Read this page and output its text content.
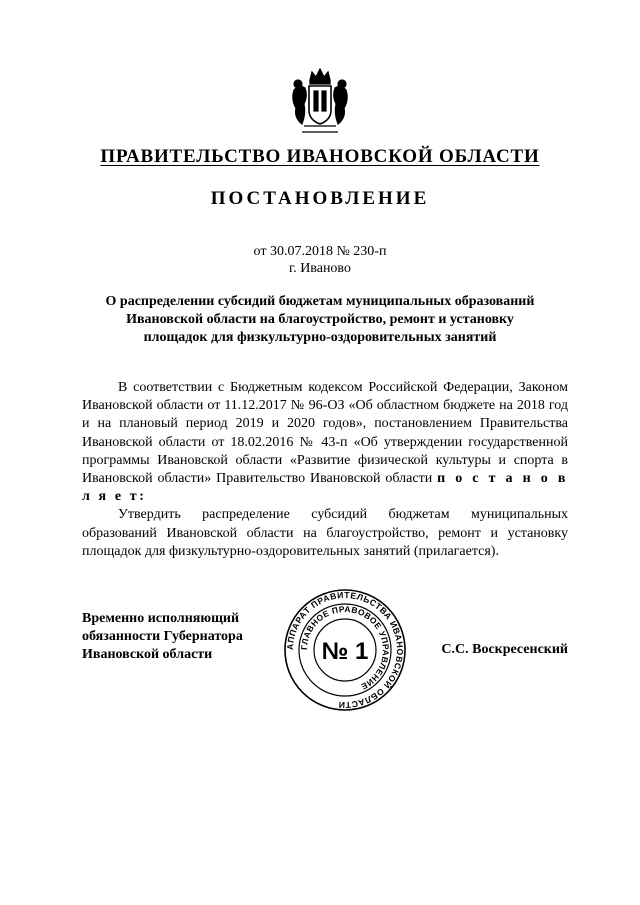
ПРАВИТЕЛЬСТВО ИВАНОВСКОЙ ОБЛАСТИ
ПОСТАНОВЛЕНИЕ
от 30.07.2018 № 230-п
г. Иваново
О распределении субсидий бюджетам муниципальных образований
Ивановской области на благоустройство, ремонт и установку
площадок для физкультурно-оздоровительных занятий

В соответствии с Бюджетным кодексом Российской Федерации, Законом Ивановской области от 11.12.2017 № 96-ОЗ «Об областном бюджете на 2018 год и на плановый период 2019 и 2020 годов», постановлением Правительства Ивановской области от 18.02.2016 № 43-п «Об утверждении государственной программы Ивановской области «Развитие физической культуры и спорта в Ивановской области» Правительство Ивановской области п о с т а н о в л я е т:

Утвердить распределение субсидий бюджетам муниципальных образований Ивановской области на благоустройство, ремонт и установку площадок для физкультурно-оздоровительных занятий (прилагается).

Временно исполняющий
обязанности Губернатора
Ивановской области
АППАРАТ ПРАВИТЕЛЬСТВА ИВАНОВСКОЙ ОБЛАСТИ
ГЛАВНОЕ ПРАВОВОЕ УПРАВЛЕНИЕ
№ 1	С.С. Воскресенский
